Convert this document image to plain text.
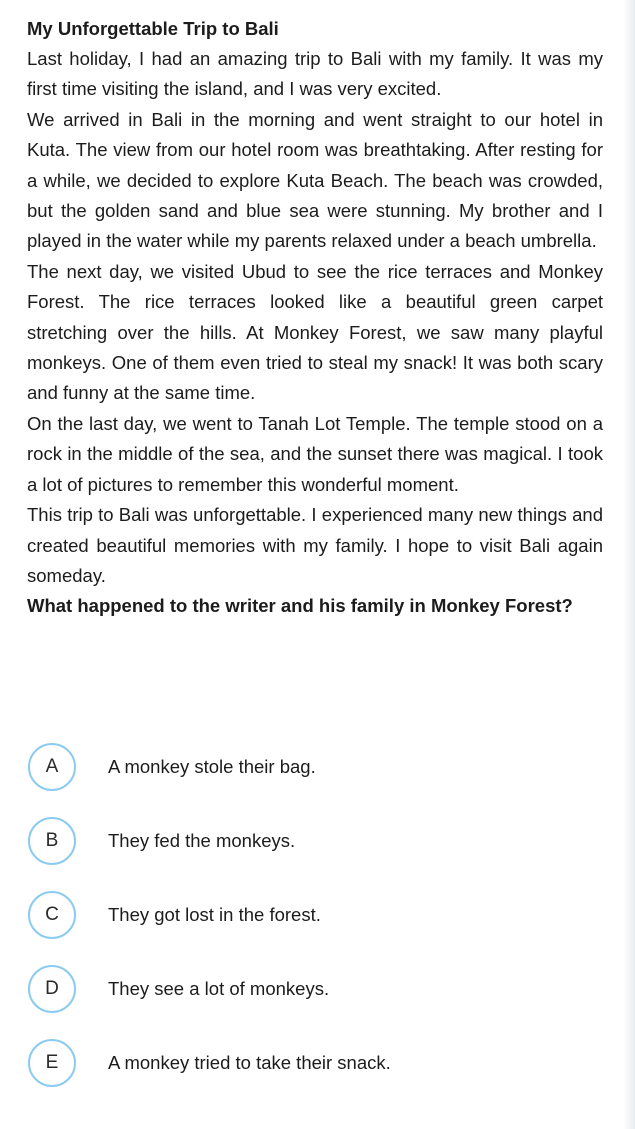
My Unforgettable Trip to Bali

Last holiday, I had an amazing trip to Bali with my family. It was my first time visiting the island, and I was very excited.

We arrived in Bali in the morning and went straight to our hotel in Kuta. The view from our hotel room was breathtaking. After resting for a while, we decided to explore Kuta Beach. The beach was crowded, but the golden sand and blue sea were stunning. My brother and I played in the water while my parents relaxed under a beach umbrella.

The next day, we visited Ubud to see the rice terraces and Monkey Forest. The rice terraces looked like a beautiful green carpet stretching over the hills. At Monkey Forest, we saw many playful monkeys. One of them even tried to steal my snack! It was both scary and funny at the same time.

On the last day, we went to Tanah Lot Temple. The temple stood on a rock in the middle of the sea, and the sunset there was magical. I took a lot of pictures to remember this wonderful moment.

This trip to Bali was unforgettable. I experienced many new things and created beautiful memories with my family. I hope to visit Bali again someday.

What happened to the writer and his family in Monkey Forest?

A	A monkey stole their bag.
B	They fed the monkeys.
C	They got lost in the forest.
D	They see a lot of monkeys.
E	A monkey tried to take their snack.
